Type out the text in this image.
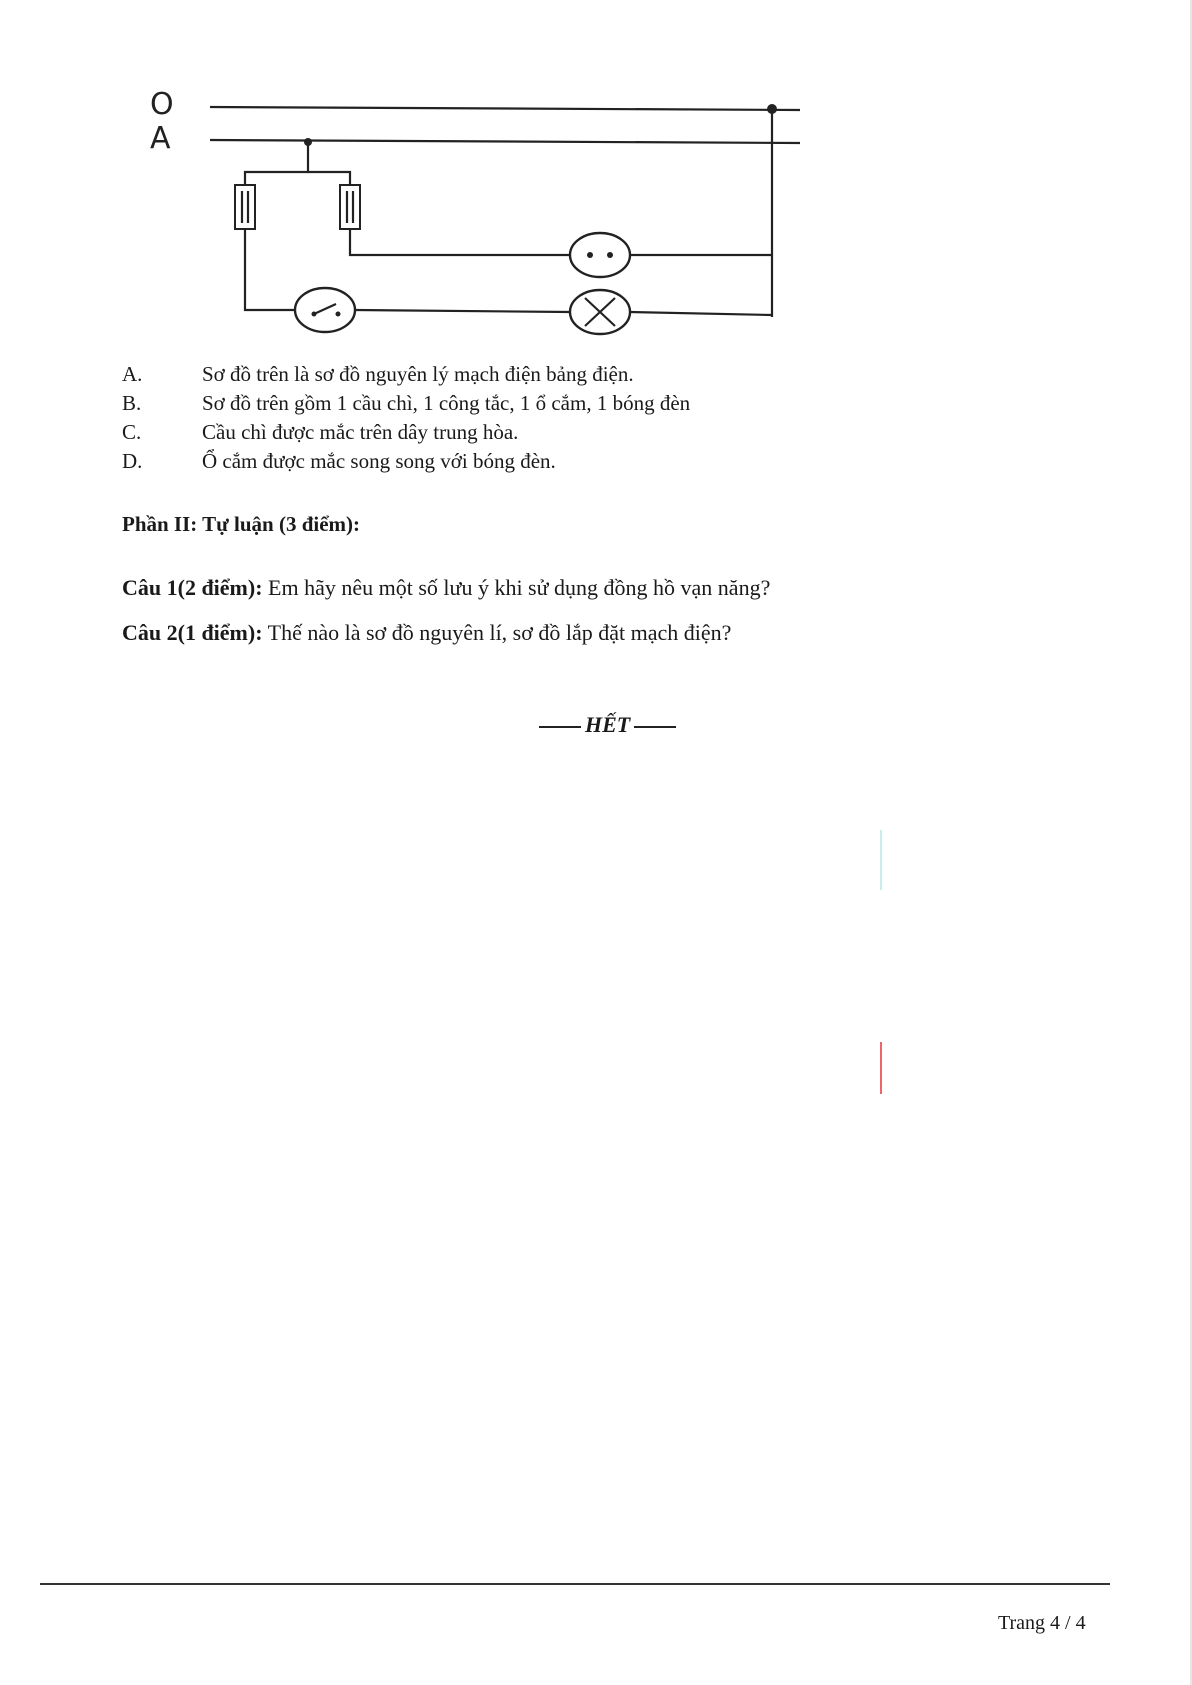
O
A
A.	Sơ đồ trên là sơ đồ nguyên lý mạch điện bảng điện.
B.	Sơ đồ trên gồm 1 cầu chì, 1 công tắc, 1 ổ cắm, 1 bóng đèn
C.	Cầu chì được mắc trên dây trung hòa.
D.	Ổ cắm được mắc song song với bóng đèn.
Phần II: Tự luận (3 điểm):
Câu 1(2 điểm): Em hãy nêu một số lưu ý khi sử dụng đồng hồ vạn năng?
Câu 2(1 điểm): Thế nào là sơ đồ nguyên lí, sơ đồ lắp đặt mạch điện?
HẾT
Trang 4 / 4
